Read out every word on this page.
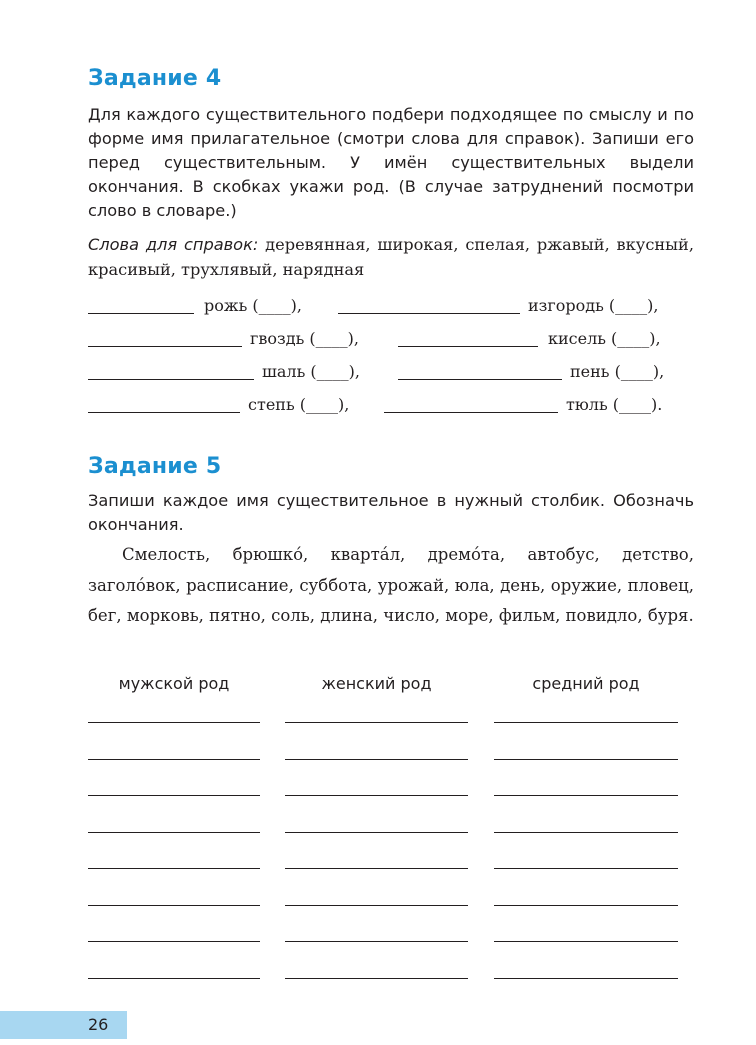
Задание 4
Для каждого существительного подбери подходящее по смыслу и по форме имя прилагательное (смотри слова для справок). Запиши его перед существительным. У имён существительных выдели окончания. В скобках укажи род. (В случае затруднений посмотри слово в словаре.)
Слова для справок: деревянная, широкая, спелая, ржавый, вкусный, красивый, трухлявый, нарядная
рожь (____),	изгородь (____),
гвоздь (____),	кисель (____),
шаль (____),	пень (____),
степь (____),	тюль (____).
Задание 5
Запиши каждое имя существительное в нужный столбик. Обозначь окончания.
Смелость, брюшко́, квартáл, дремóта, автобус, детство, заголóвок, расписание, суббота, урожай, юла, день, оружие, пловец, бег, морковь, пятно, соль, длина, число, море, фильм, повидло, буря.
мужской род	женский род	средний род
26
